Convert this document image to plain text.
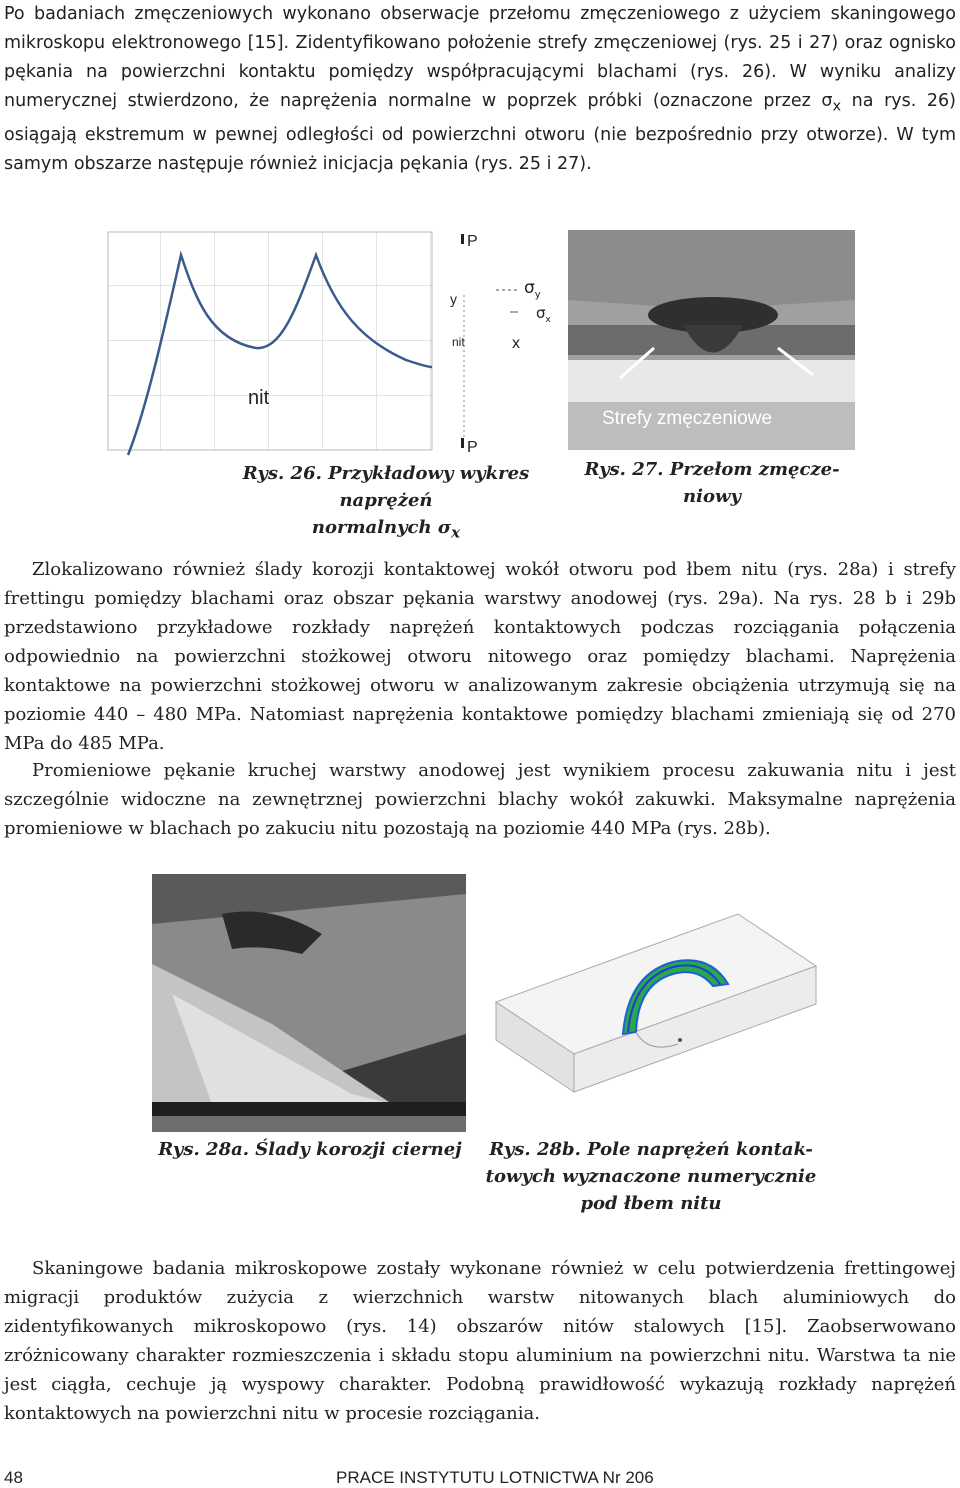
Po badaniach zmęczeniowych wykonano obserwacje przełomu zmęczeniowego z użyciem skaningowego mikroskopu elektronowego [15]. Zidentyfikowano położenie strefy zmęczeniowej (rys. 25 i 27) oraz ognisko pękania na powierzchni kontaktu pomiędzy współpracującymi blachami (rys. 26). W wyniku analizy numerycznej stwierdzono, że naprężenia normalne w poprzek próbki (oznaczone przez $\sigma_x$ na rys. 26) osiągają ekstremum w pewnej odległości od powierzchni otworu (nie bezpośrednio przy otworze). W tym samym obszarze następuje również inicjacja pękania (rys. 25 i 27).

nit
P
y
nit	x
P
$\sigma_y$
$\sigma_x$
Strefy zmęczeniowe
Rys. 26. Przykładowy wykres naprężeń
normalnych $\sigma_x$
Rys. 27. Przełom zmęcze-
niowy

Zlokalizowano również ślady korozji kontaktowej wokół otworu pod łbem nitu (rys. 28a) i strefy frettingu pomiędzy blachami oraz obszar pękania warstwy anodowej (rys. 29a). Na rys. 28 b i 29b przedstawiono przykładowe rozkłady naprężeń kontaktowych podczas rozciągania połączenia odpowiednio na powierzchni stożkowej otworu nitowego oraz pomiędzy blachami. Naprężenia kontaktowe na powierzchni stożkowej otworu w analizowanym zakresie obciążenia utrzymują się na poziomie 440 – 480 MPa. Natomiast naprężenia kontaktowe pomiędzy blachami zmieniają się od 270 MPa do 485 MPa.

Promieniowe pękanie kruchej warstwy anodowej jest wynikiem procesu zakuwania nitu i jest szczególnie widoczne na zewnętrznej powierzchni blachy wokół zakuwki. Maksymalne naprężenia promieniowe w blachach po zakuciu nitu pozostają na poziomie 440 MPa (rys. 28b).

Rys. 28a. Ślady korozji ciernej	Rys. 28b. Pole naprężeń kontak-
towych wyznaczone numerycznie
pod łbem nitu

Skaningowe badania mikroskopowe zostały wykonane również w celu potwierdzenia frettingowej migracji produktów zużycia z wierzchnich warstw nitowanych blach aluminiowych do zidentyfikowanych mikroskopowo (rys. 14) obszarów nitów stalowych [15]. Zaobserwowano zróżnicowany charakter rozmieszczenia i składu stopu aluminium na powierzchni nitu. Warstwa ta nie jest ciągła, cechuje ją wyspowy charakter. Podobną prawidłowość wykazują rozkłady naprężeń kontaktowych na powierzchni nitu w procesie rozciągania.

48	PRACE INSTYTUTU LOTNICTWA Nr 206
